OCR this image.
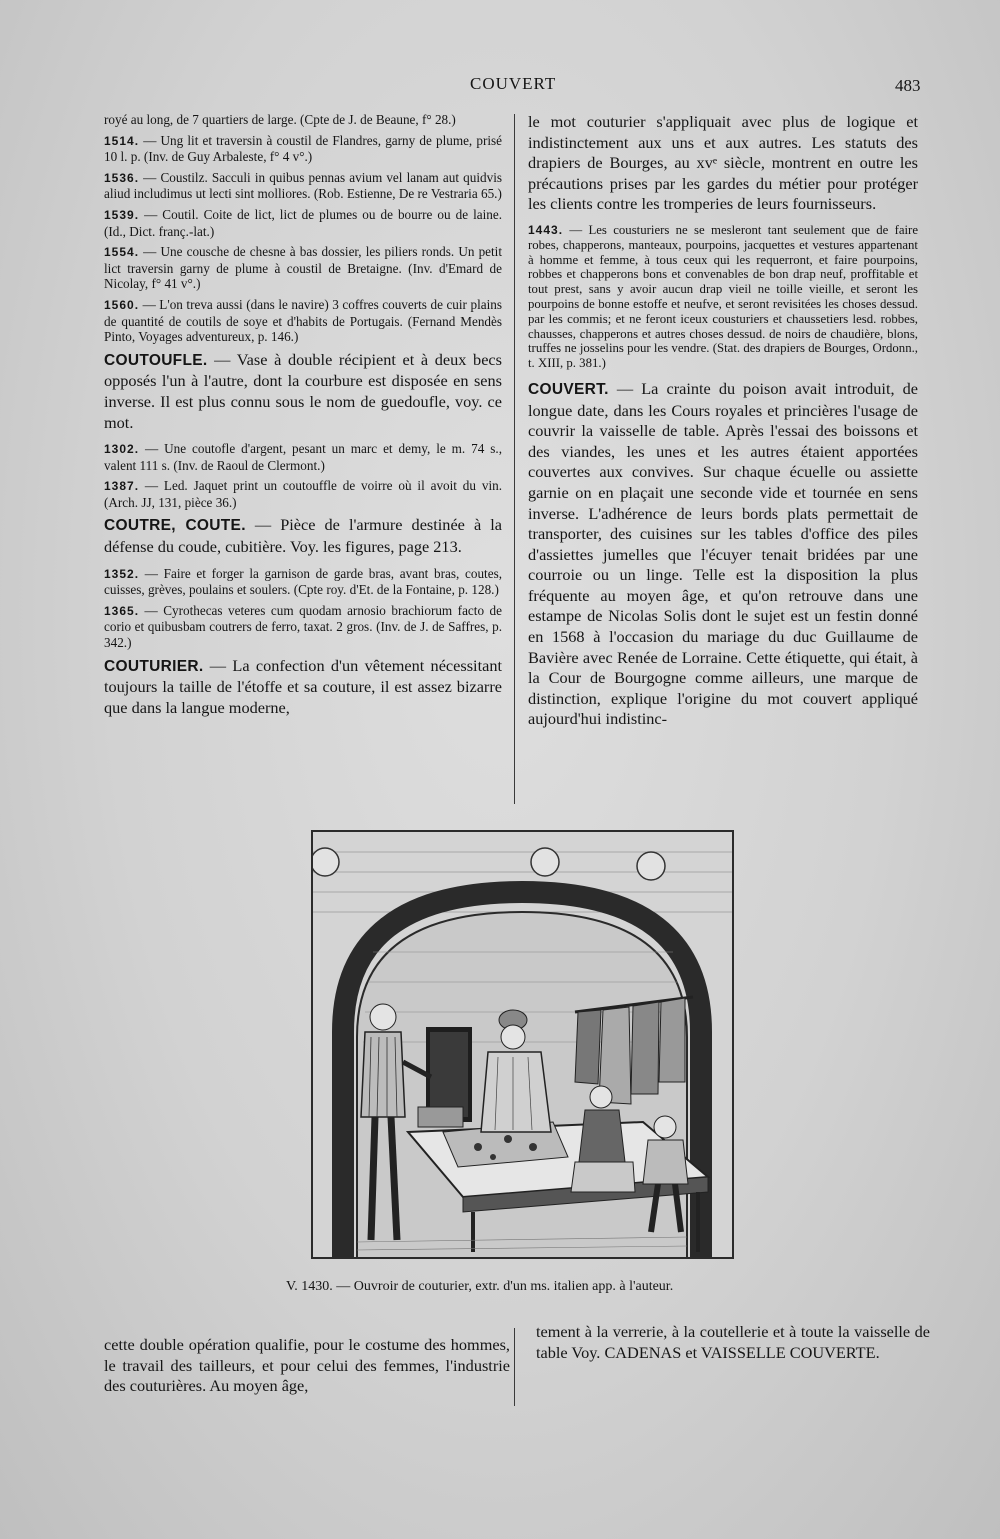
COUVERT	483

royé au long, de 7 quartiers de large. (Cpte de J. de Beaune, f° 28.)

1514. — Ung lit et traversin à coustil de Flandres, garny de plume, prisé 10 l. p. (Inv. de Guy Arbaleste, f° 4 v°.)

1536. — Coustilz. Sacculi in quibus pennas avium vel lanam aut quidvis aliud includimus ut lecti sint molliores. (Rob. Estienne, De re Vestraria 65.)

1539. — Coutil. Coite de lict, lict de plumes ou de bourre ou de laine. (Id., Dict. franç.-lat.)

1554. — Une cousche de chesne à bas dossier, les piliers ronds. Un petit lict traversin garny de plume à coustil de Bretaigne. (Inv. d'Emard de Nicolay, f° 41 v°.)

1560. — L'on treva aussi (dans le navire) 3 coffres couverts de cuir plains de quantité de coutils de soye et d'habits de Portugais. (Fernand Mendès Pinto, Voyages adventureux, p. 146.)

COUTOUFLE. — Vase à double récipient et à deux becs opposés l'un à l'autre, dont la courbure est disposée en sens inverse. Il est plus connu sous le nom de guedoufle, voy. ce mot.

1302. — Une coutofle d'argent, pesant un marc et demy, le m. 74 s., valent 111 s. (Inv. de Raoul de Clermont.)

1387. — Led. Jaquet print un coutouffle de voirre où il avoit du vin. (Arch. JJ, 131, pièce 36.)

COUTRE, COUTE. — Pièce de l'armure destinée à la défense du coude, cubitière. Voy. les figures, page 213.

1352. — Faire et forger la garnison de garde bras, avant bras, coutes, cuisses, grèves, poulains et soulers. (Cpte roy. d'Et. de la Fontaine, p. 128.)

1365. — Cyrothecas veteres cum quodam arnosio brachiorum facto de corio et quibusbam coutrers de ferro, taxat. 2 gros. (Inv. de J. de Saffres, p. 342.)

COUTURIER. — La confection d'un vêtement nécessitant toujours la taille de l'étoffe et sa couture, il est assez bizarre que dans la langue moderne,

le mot couturier s'appliquait avec plus de logique et indistinctement aux uns et aux autres. Les statuts des drapiers de Bourges, au xvᵉ siècle, montrent en outre les précautions prises par les gardes du métier pour protéger les clients contre les tromperies de leurs fournisseurs.

1443. — Les cousturiers ne se mesleront tant seulement que de faire robes, chapperons, manteaux, pourpoins, jacquettes et vestures appartenant à homme et femme, à tous ceux qui les requerront, et faire pourpoins, robbes et chapperons bons et convenables de bon drap neuf, proffitable et tout prest, sans y avoir aucun drap vieil ne toille vieille, et seront les pourpoins de bonne estoffe et neufve, et seront revisitées les choses dessud. par les commis; et ne feront iceux cousturiers et chaussetiers lesd. robbes, chausses, chapperons et autres choses dessud. de noirs de chaudière, blons, truffes ne josselins pour les vendre. (Stat. des drapiers de Bourges, Ordonn., t. XIII, p. 381.)

COUVERT. — La crainte du poison avait introduit, de longue date, dans les Cours royales et princières l'usage de couvrir la vaisselle de table. Après l'essai des boissons et des viandes, les unes et les autres étaient apportées couvertes aux convives. Sur chaque écuelle ou assiette garnie on en plaçait une seconde vide et tournée en sens inverse. L'adhérence de leurs bords plats permettait de transporter, des cuisines sur les tables d'office des piles d'assiettes jumelles que l'écuyer tenait bridées par une courroie ou un linge. Telle est la disposition la plus fréquente au moyen âge, et qu'on retrouve dans une estampe de Nicolas Solis dont le sujet est un festin donné en 1568 à l'occasion du mariage du duc Guillaume de Bavière avec Renée de Lorraine. Cette étiquette, qui était, à la Cour de Bourgogne comme ailleurs, une marque de distinction, explique l'origine du mot couvert appliqué aujourd'hui indistinc-

V. 1430. — Ouvroir de couturier, extr. d'un ms. italien app. à l'auteur.

cette double opération qualifie, pour le costume des hommes, le travail des tailleurs, et pour celui des femmes, l'industrie des couturières. Au moyen âge,

tement à la verrerie, à la coutellerie et à toute la vaisselle de table Voy. CADENAS et VAISSELLE COUVERTE.
